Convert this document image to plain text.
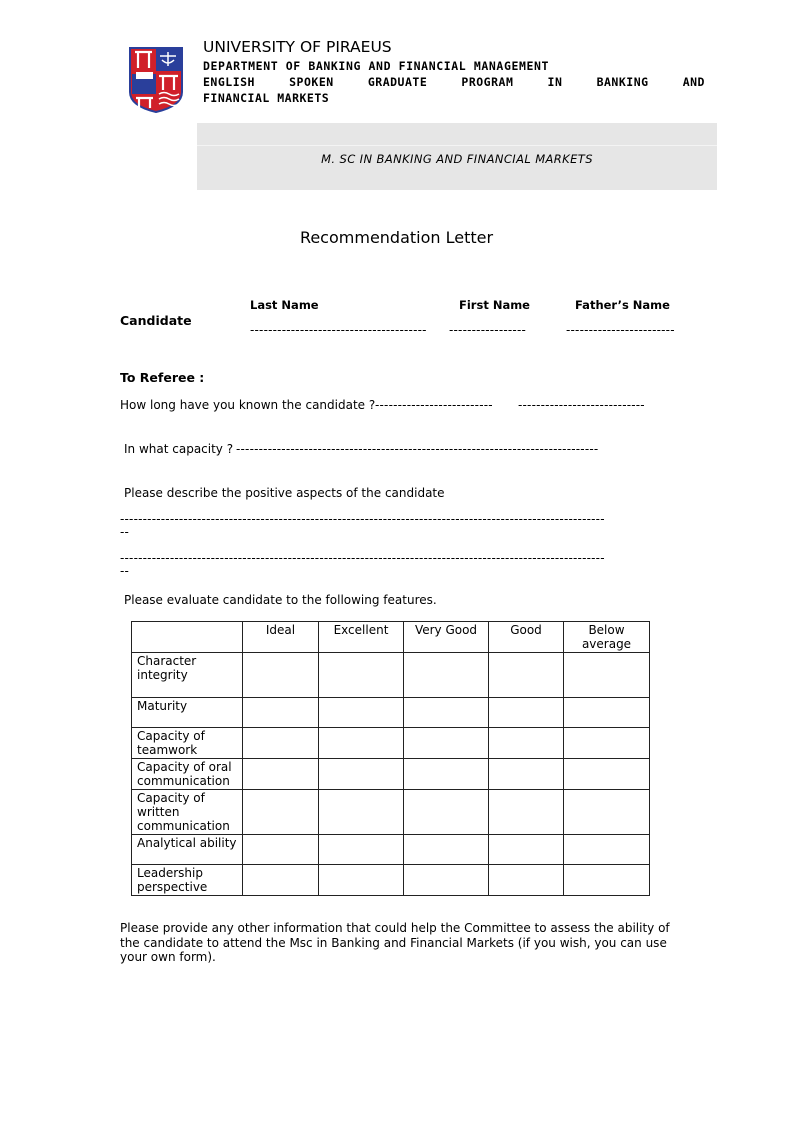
UNIVERSITY OF PIRAEUS
DEPARTMENT OF BANKING AND FINANCIAL MANAGEMENT
ENGLISH SPOKEN GRADUATE PROGRAM IN BANKING AND
FINANCIAL MARKETS
M. SC IN BANKING AND FINANCIAL MARKETS
Recommendation Letter
Last Name	First Name	Father’s Name
Candidate
---------------------------------------	-----------------	------------------------
To Referee :
How long have you known the candidate ? --------------------------	----------------------------
In what capacity ? --------------------------------------------------------------------------------
Please describe the positive aspects of the candidate
-----------------------------------------------------------------------------------------------------------
--
-----------------------------------------------------------------------------------------------------------
--
Please evaluate candidate to the following features.
	Ideal	Excellent	Very Good	Good	Below average
Character integrity					
Maturity					
Capacity of teamwork					
Capacity of oral communication					
Capacity of written communication					
Analytical ability					
Leadership perspective					
Please provide any other information that could help the Committee to assess the ability of the candidate to attend the Msc in Banking and Financial Markets (if you wish, you can use your own form).
